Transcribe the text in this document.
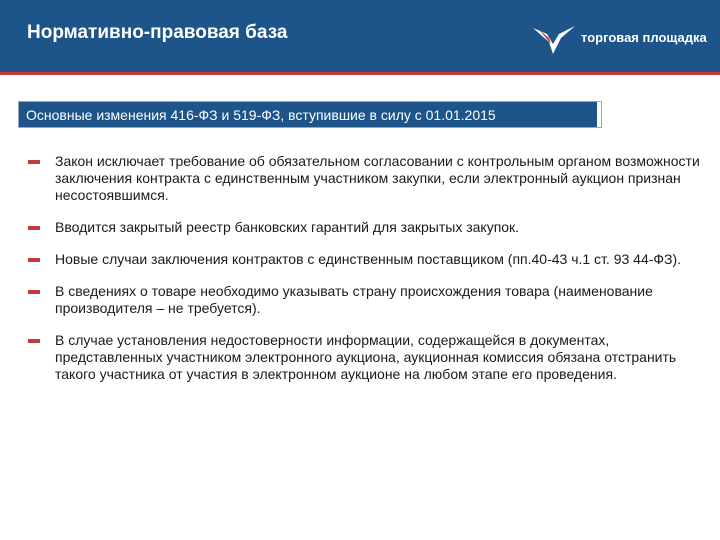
Нормативно-правовая база	торговая площадка
Основные изменения 416-ФЗ и 519-ФЗ, вступившие в силу с 01.01.2015
Закон исключает требование об обязательном согласовании с контрольным органом возможности заключения контракта с единственным участником закупки, если электронный аукцион признан несостоявшимся.
Вводится закрытый реестр банковских гарантий для закрытых закупок.
Новые случаи заключения контрактов с единственным поставщиком (пп.40-43 ч.1 ст. 93 44-ФЗ).
В сведениях о товаре необходимо указывать страну происхождения товара (наименование производителя – не требуется).
В случае установления недостоверности информации, содержащейся в документах, представленных участником электронного аукциона, аукционная комиссия обязана отстранить такого участника от участия в электронном аукционе на любом этапе его проведения.
